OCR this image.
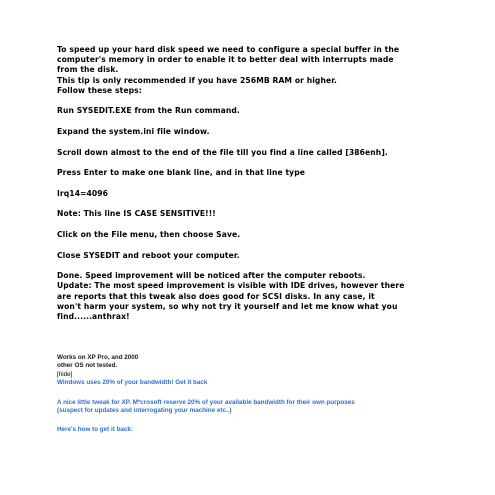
To speed up your hard disk speed we need to configure a special buffer in the
computer's memory in order to enable it to better deal with interrupts made
from the disk.
This tip is only recommended if you have 256MB RAM or higher.
Follow these steps:

Run SYSEDIT.EXE from the Run command.

Expand the system.ini file window.

Scroll down almost to the end of the file till you find a line called [386enh].

Press Enter to make one blank line, and in that line type

Irq14=4096

Note: This line IS CASE SENSITIVE!!!

Click on the File menu, then choose Save.

Close SYSEDIT and reboot your computer.

Done. Speed improvement will be noticed after the computer reboots.
Update: The most speed improvement is visible with IDE drives, however there
are reports that this tweak also does good for SCSI disks. In any case, it
won't harm your system, so why not try it yourself and let me know what you
find......anthrax!

Works on XP Pro, and 2000

other OS not tested.

[hide]

Windows uses 20% of your bandwidth! Get it back

A nice little tweak for XP. M*crosoft reserve 20% of your available bandwidth for their own purposes

(suspect for updates and interrogating your machine etc..)

Here's how to get it back:
